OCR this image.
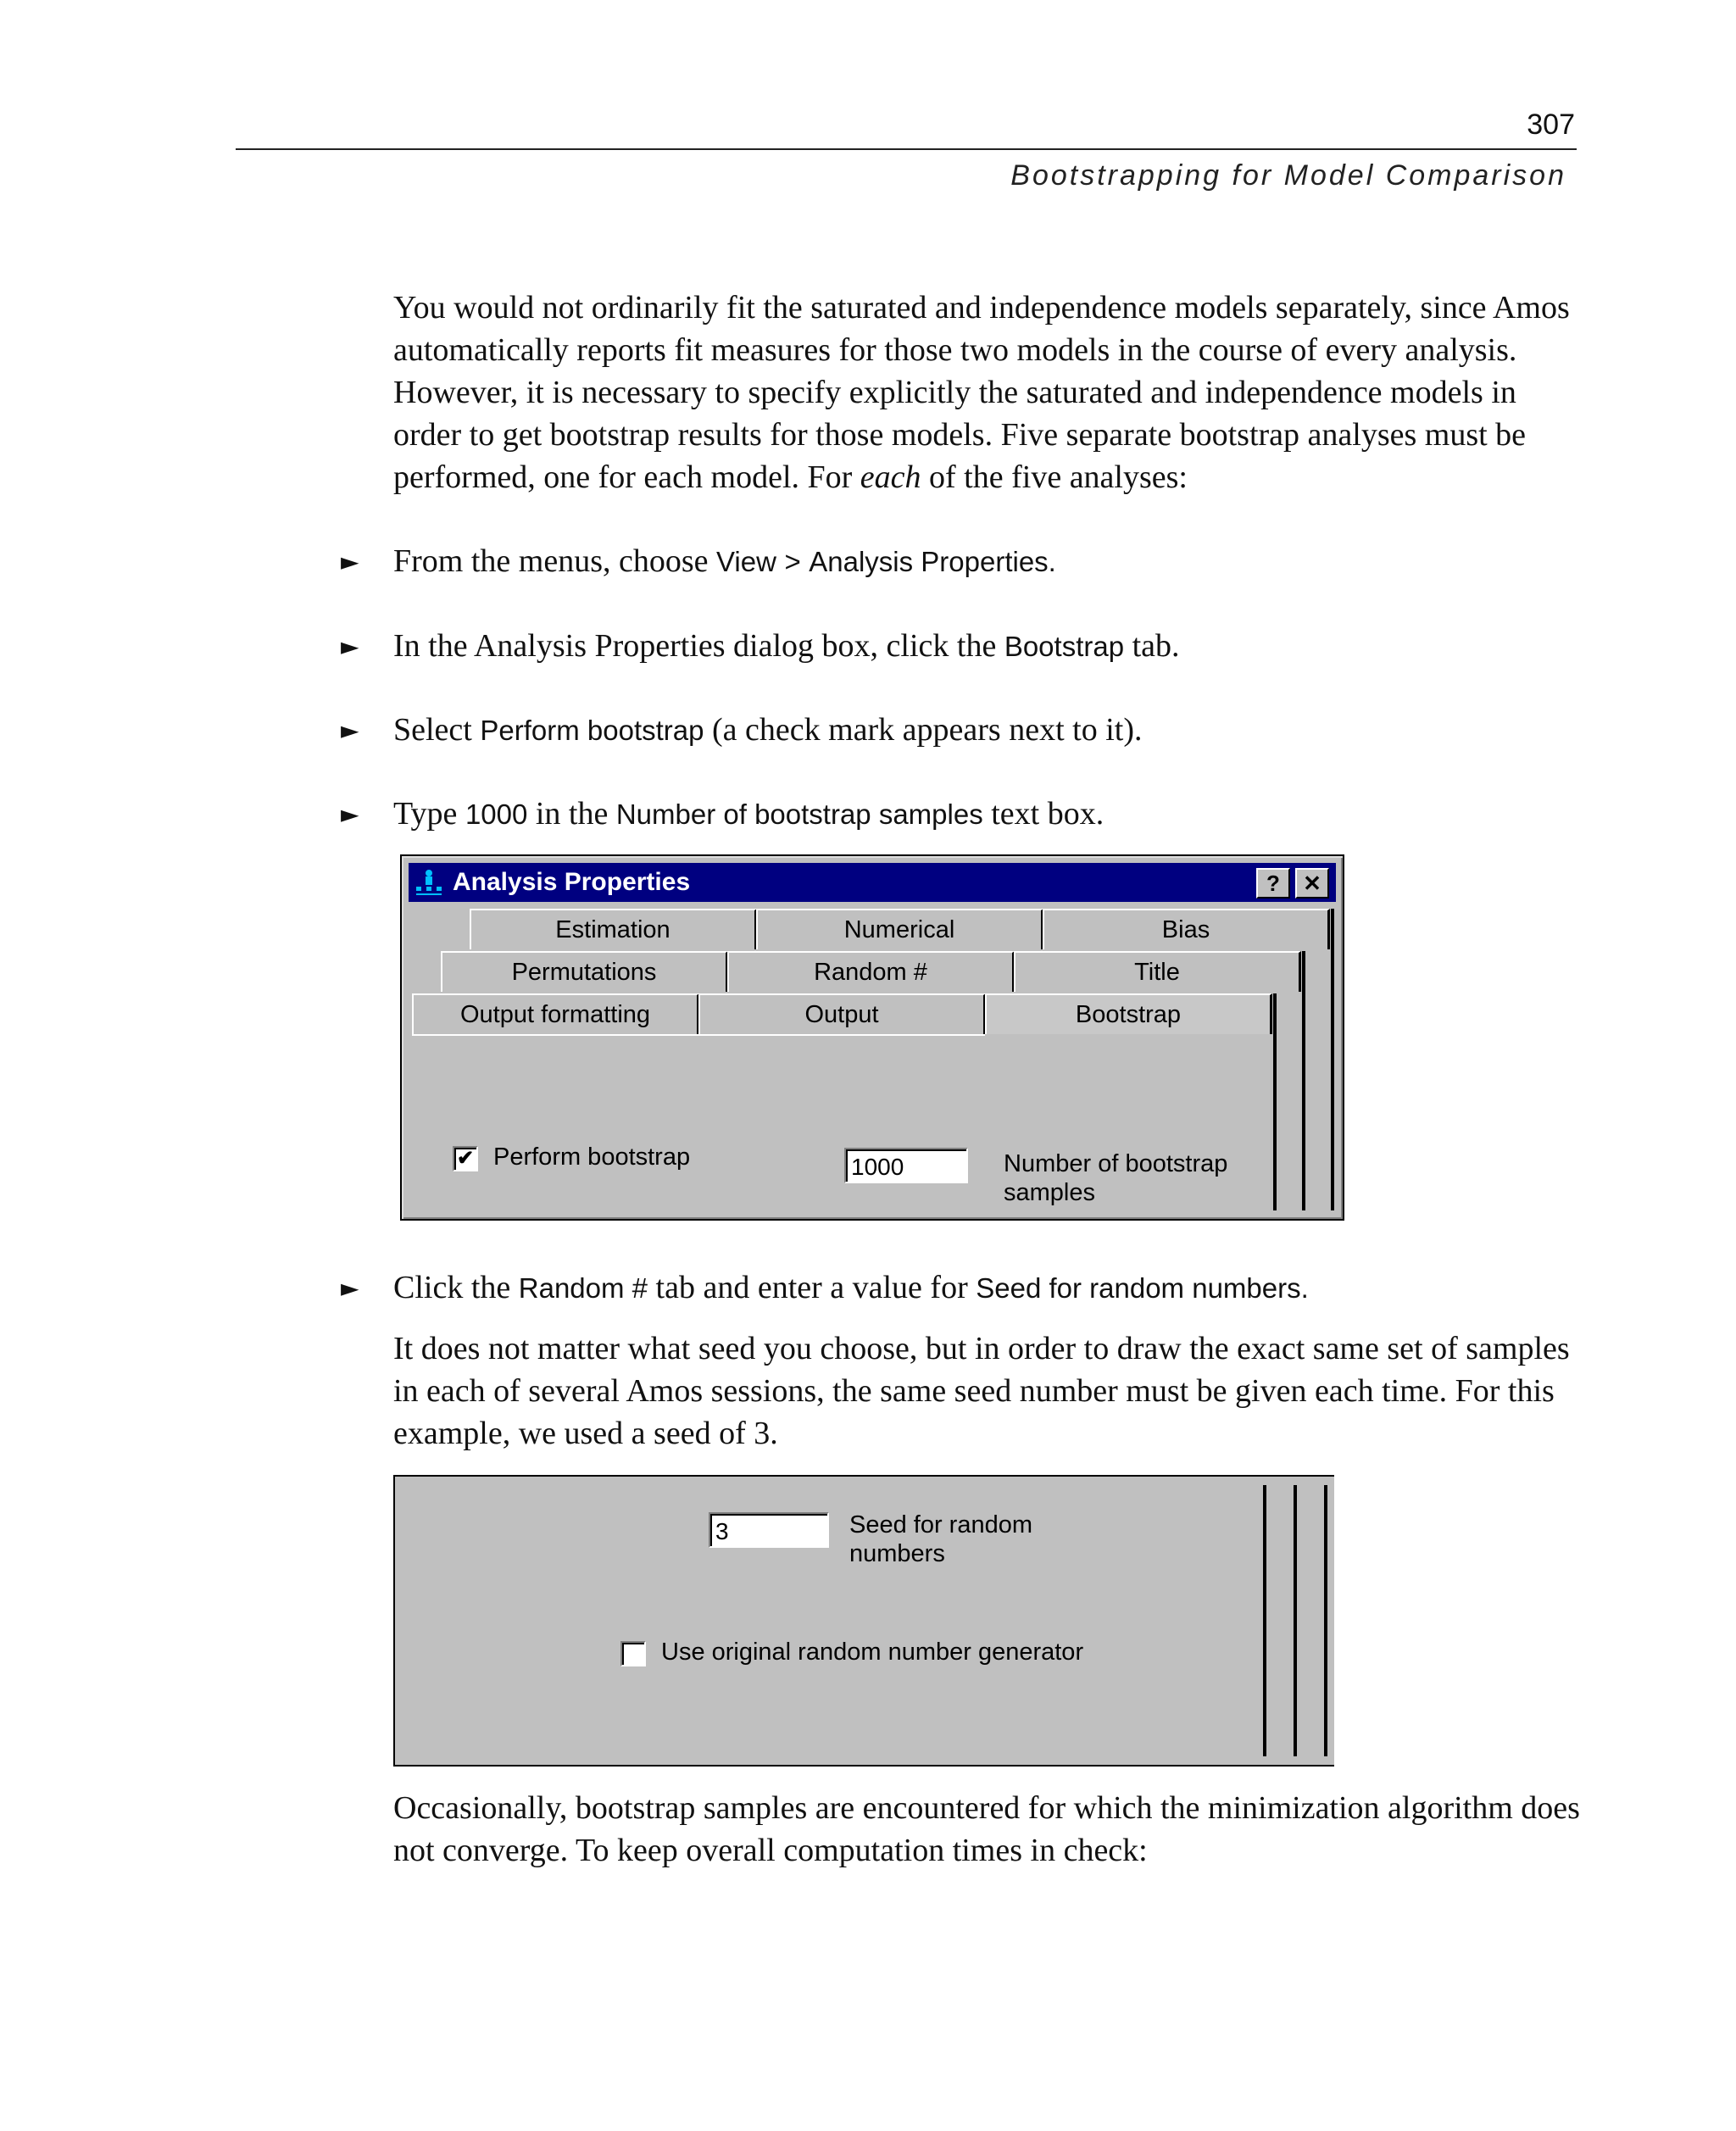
307
Bootstrapping for Model Comparison

You would not ordinarily fit the saturated and independence models separately, since Amos automatically reports fit measures for those two models in the course of every analysis. However, it is necessary to specify explicitly the saturated and independence models in order to get bootstrap results for those models. Five separate bootstrap analyses must be performed, one for each model. For each of the five analyses:

► From the menus, choose View > Analysis Properties.
► In the Analysis Properties dialog box, click the Bootstrap tab.
► Select Perform bootstrap (a check mark appears next to it).
► Type 1000 in the Number of bootstrap samples text box.
Analysis Properties	?	✕
Estimation	Numerical	Bias
Permutations	Random #	Title
Output formatting	Output	Bootstrap
✔ Perform bootstrap	1000	Number of bootstrap
samples
► Click the Random # tab and enter a value for Seed for random numbers.

It does not matter what seed you choose, but in order to draw the exact same set of samples in each of several Amos sessions, the same seed number must be given each time. For this example, we used a seed of 3.

3	Seed for random
numbers
Use original random number generator

Occasionally, bootstrap samples are encountered for which the minimization algorithm does not converge. To keep overall computation times in check:
